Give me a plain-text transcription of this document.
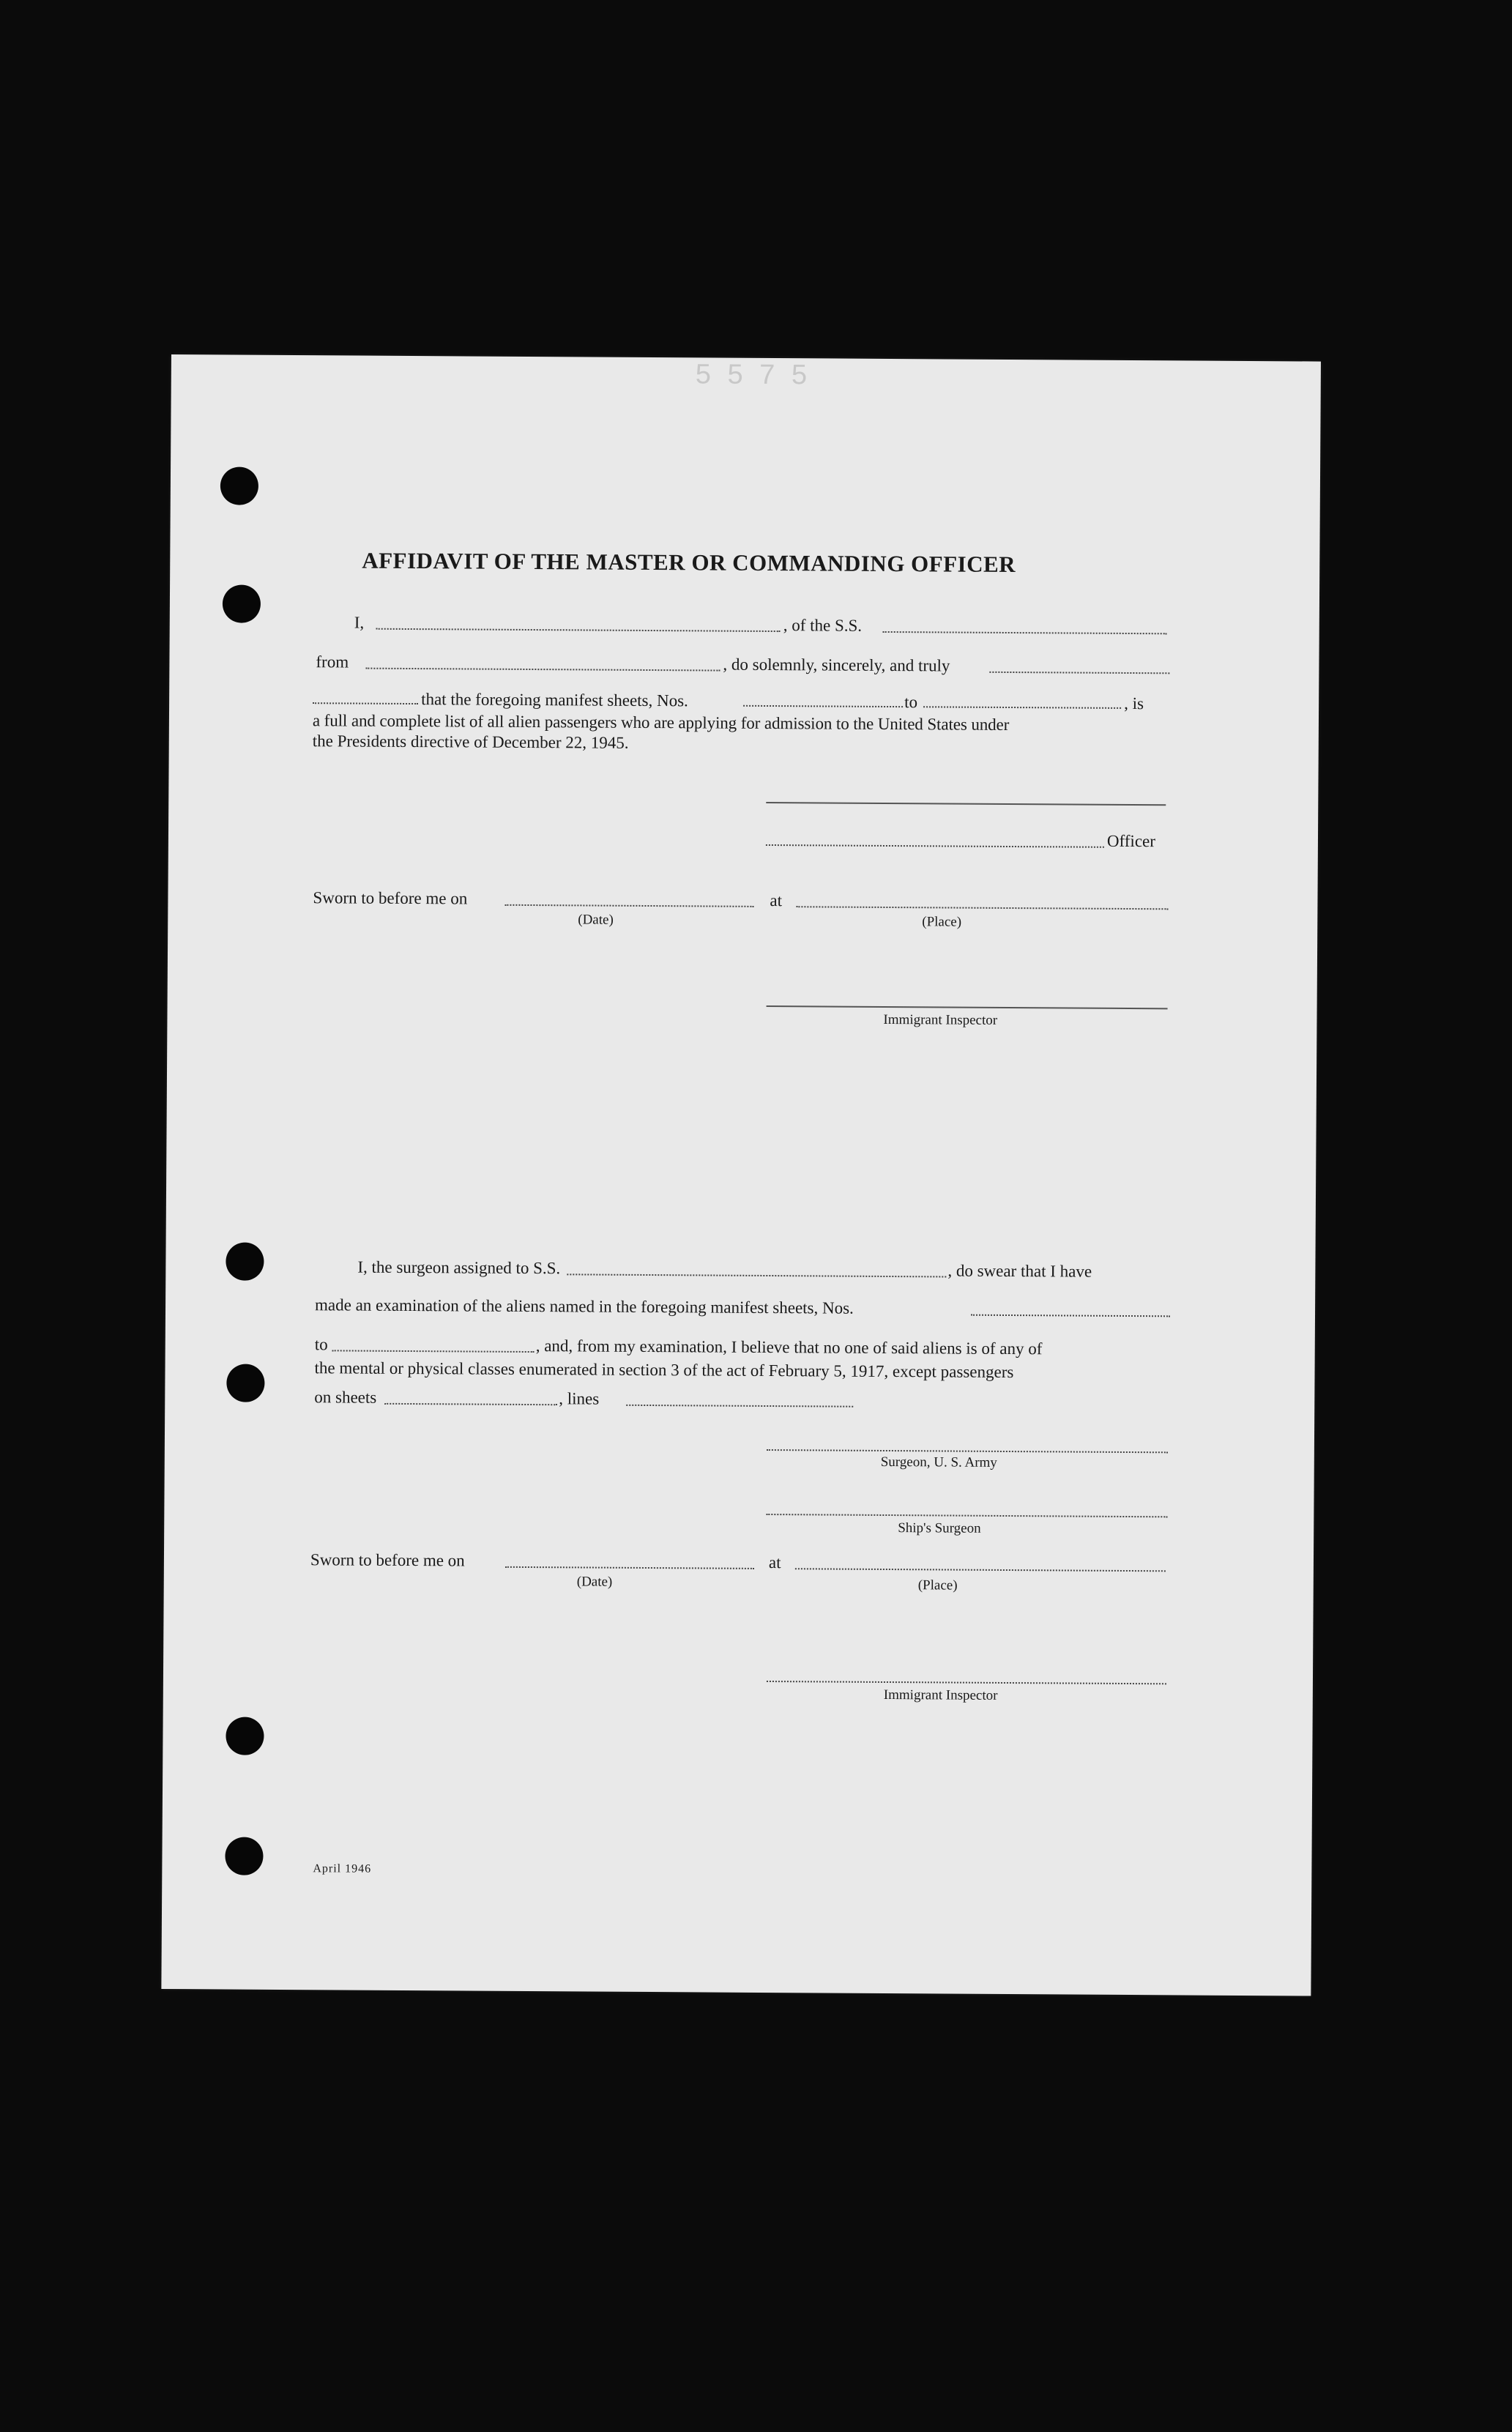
5 5 7 5
AFFIDAVIT OF THE MASTER OR COMMANDING OFFICER
I,	, of the S.S.
from	, do solemnly, sincerely, and truly
that the foregoing manifest sheets, Nos.	to	, is
a full and complete list of all alien passengers who are applying for admission to the United States under
the Presidents directive of December 22, 1945.
Officer
Sworn to before me on	at
(Date)	(Place)
Immigrant Inspector
I, the surgeon assigned to S.S.	, do swear that I have
made an examination of the aliens named in the foregoing manifest sheets, Nos.
to	, and, from my examination, I believe that no one of said aliens is of any of
the mental or physical classes enumerated in section 3 of the act of February 5, 1917, except passengers
on sheets	, lines
Surgeon, U. S. Army
Ship's Surgeon
Sworn to before me on	at
(Date)	(Place)
Immigrant Inspector
April 1946
